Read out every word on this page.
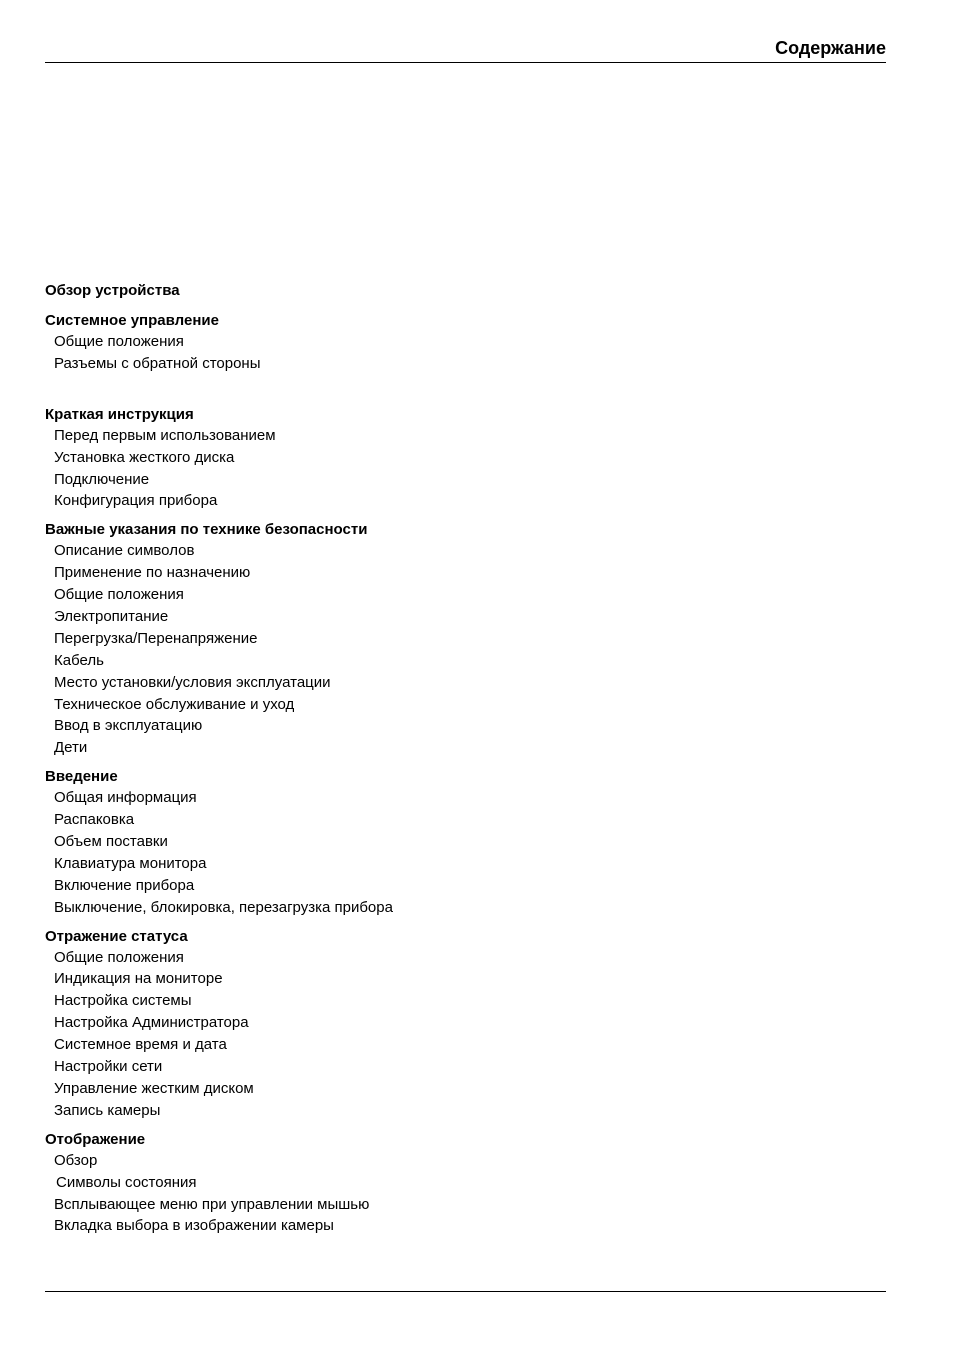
Содержание
Обзор устройства
Системное управление
Общие положения
Разъемы с обратной стороны
Краткая инструкция
Перед первым использованием
Установка жесткого диска
Подключение
Конфигурация прибора
Важные указания по технике безопасности
Описание символов
Применение по назначению
Общие положения
Электропитание
Перегрузка/Перенапряжение
Кабель
Место установки/условия эксплуатации
Техническое обслуживание и уход
Ввод в эксплуатацию
Дети
Введение
Общая информация
Распаковка
Объем поставки
Клавиатура монитора
Включение прибора
Выключение, блокировка, перезагрузка прибора
Отражение статуса
Общие положения
Индикация на мониторе
Настройка системы
Настройка Администратора
Системное время и дата
Настройки сети
Управление жестким диском
Запись камеры
Отображение
Обзор
Символы состояния
Всплывающее меню при управлении мышью
Вкладка выбора в изображении камеры
